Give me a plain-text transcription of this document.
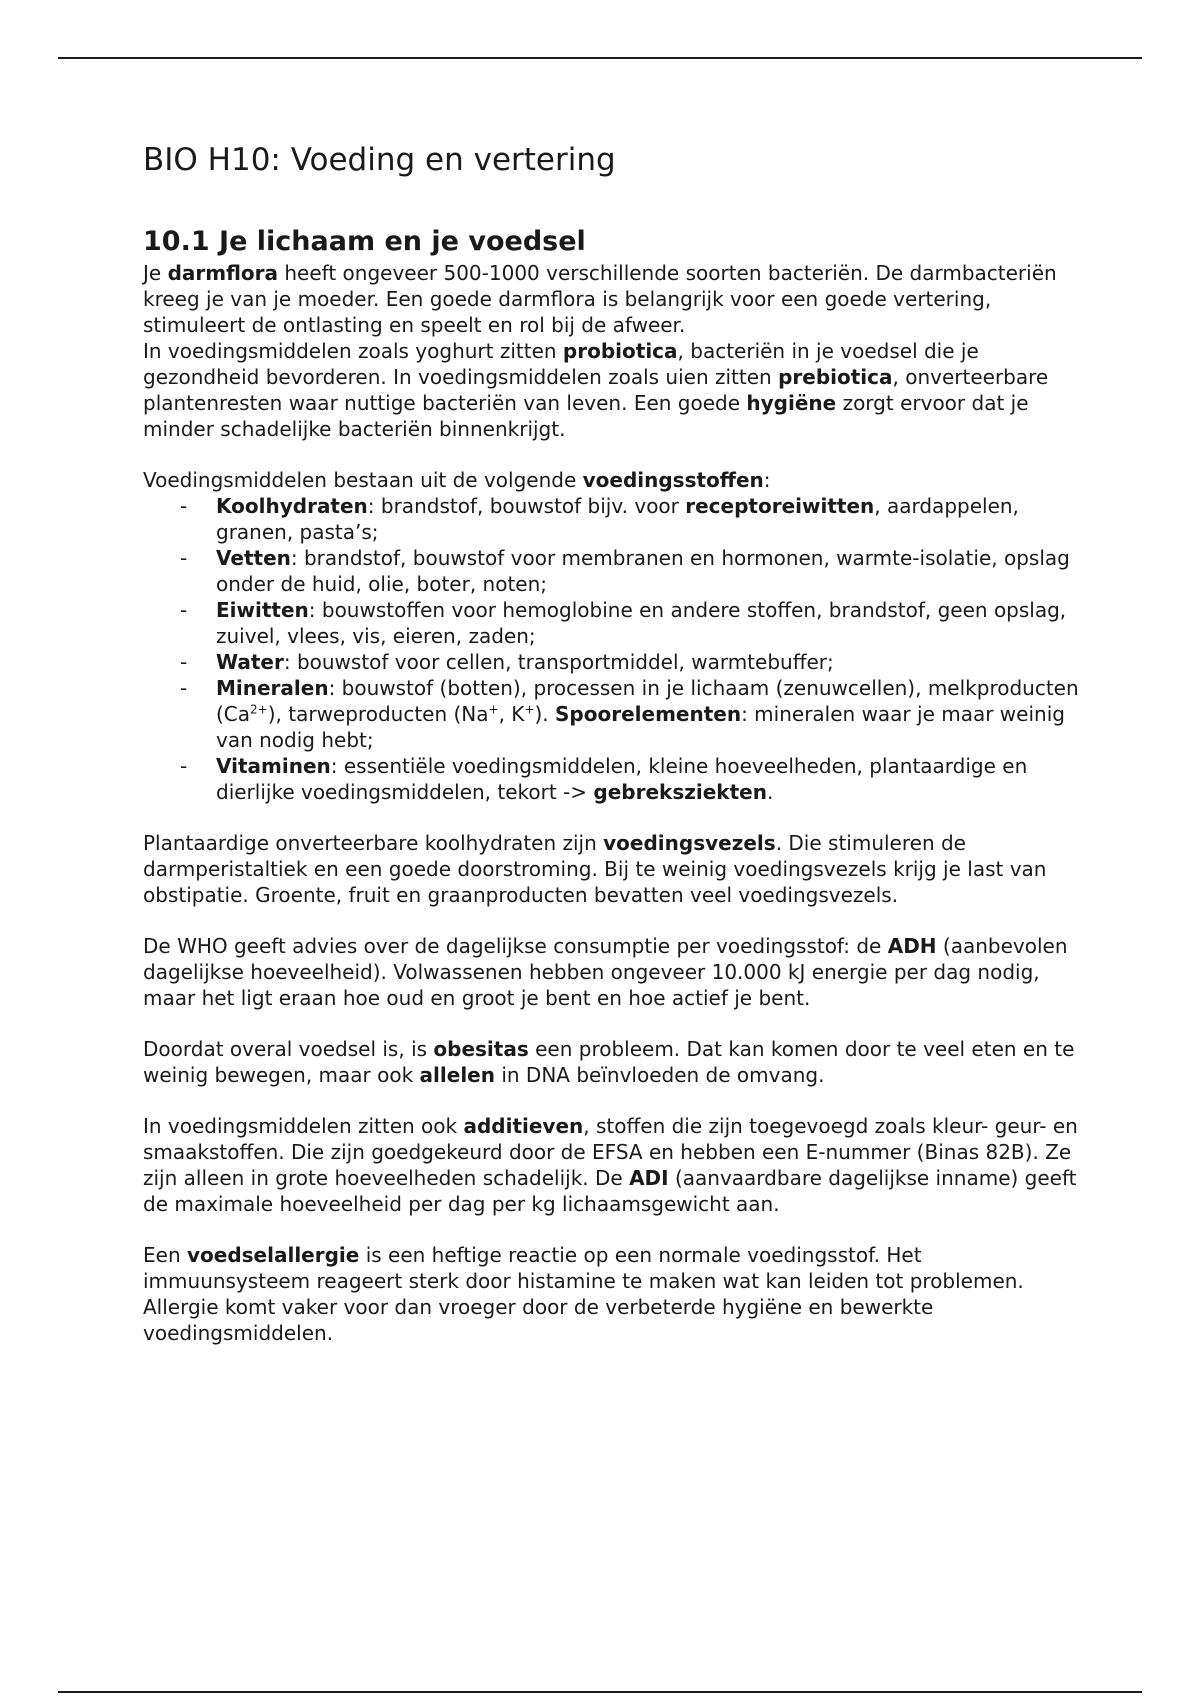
BIO H10: Voeding en vertering
10.1 Je lichaam en je voedsel

Je darmflora heeft ongeveer 500-1000 verschillende soorten bacteriën. De darmbacteriën kreeg je van je moeder. Een goede darmflora is belangrijk voor een goede vertering, stimuleert de ontlasting en speelt en rol bij de afweer.

In voedingsmiddelen zoals yoghurt zitten probiotica, bacteriën in je voedsel die je gezondheid bevorderen. In voedingsmiddelen zoals uien zitten prebiotica, onverteerbare plantenresten waar nuttige bacteriën van leven. Een goede hygiëne zorgt ervoor dat je minder schadelijke bacteriën binnenkrijgt.

Voedingsmiddelen bestaan uit de volgende voedingsstoffen:

- Koolhydraten: brandstof, bouwstof bijv. voor receptoreiwitten, aardappelen, granen, pasta’s;
- Vetten: brandstof, bouwstof voor membranen en hormonen, warmte-isolatie, opslag onder de huid, olie, boter, noten;
- Eiwitten: bouwstoffen voor hemoglobine en andere stoffen, brandstof, geen opslag, zuivel, vlees, vis, eieren, zaden;
- Water: bouwstof voor cellen, transportmiddel, warmtebuffer;
- Mineralen: bouwstof (botten), processen in je lichaam (zenuwcellen), melkproducten $(Ca^{2+})$, tarweproducten (Na+, K+). Spoorelementen: mineralen waar je maar weinig van nodig hebt;
- Vitaminen: essentiële voedingsmiddelen, kleine hoeveelheden, plantaardige en dierlijke voedingsmiddelen, tekort -> gebreksziekten.

Plantaardige onverteerbare koolhydraten zijn voedingsvezels. Die stimuleren de darmperistaltiek en een goede doorstroming. Bij te weinig voedingsvezels krijg je last van obstipatie. Groente, fruit en graanproducten bevatten veel voedingsvezels.

De WHO geeft advies over de dagelijkse consumptie per voedingsstof: de ADH (aanbevolen dagelijkse hoeveelheid). Volwassenen hebben ongeveer 10.000 kJ energie per dag nodig, maar het ligt eraan hoe oud en groot je bent en hoe actief je bent.

Doordat overal voedsel is, is obesitas een probleem. Dat kan komen door te veel eten en te weinig bewegen, maar ook allelen in DNA beïnvloeden de omvang.

In voedingsmiddelen zitten ook additieven, stoffen die zijn toegevoegd zoals kleur- geur- en smaakstoffen. Die zijn goedgekeurd door de EFSA en hebben een E-nummer (Binas 82B). Ze zijn alleen in grote hoeveelheden schadelijk. De ADI (aanvaardbare dagelijkse inname) geeft de maximale hoeveelheid per dag per kg lichaamsgewicht aan.

Een voedselallergie is een heftige reactie op een normale voedingsstof. Het immuunsysteem reageert sterk door histamine te maken wat kan leiden tot problemen. Allergie komt vaker voor dan vroeger door de verbeterde hygiëne en bewerkte voedingsmiddelen.
